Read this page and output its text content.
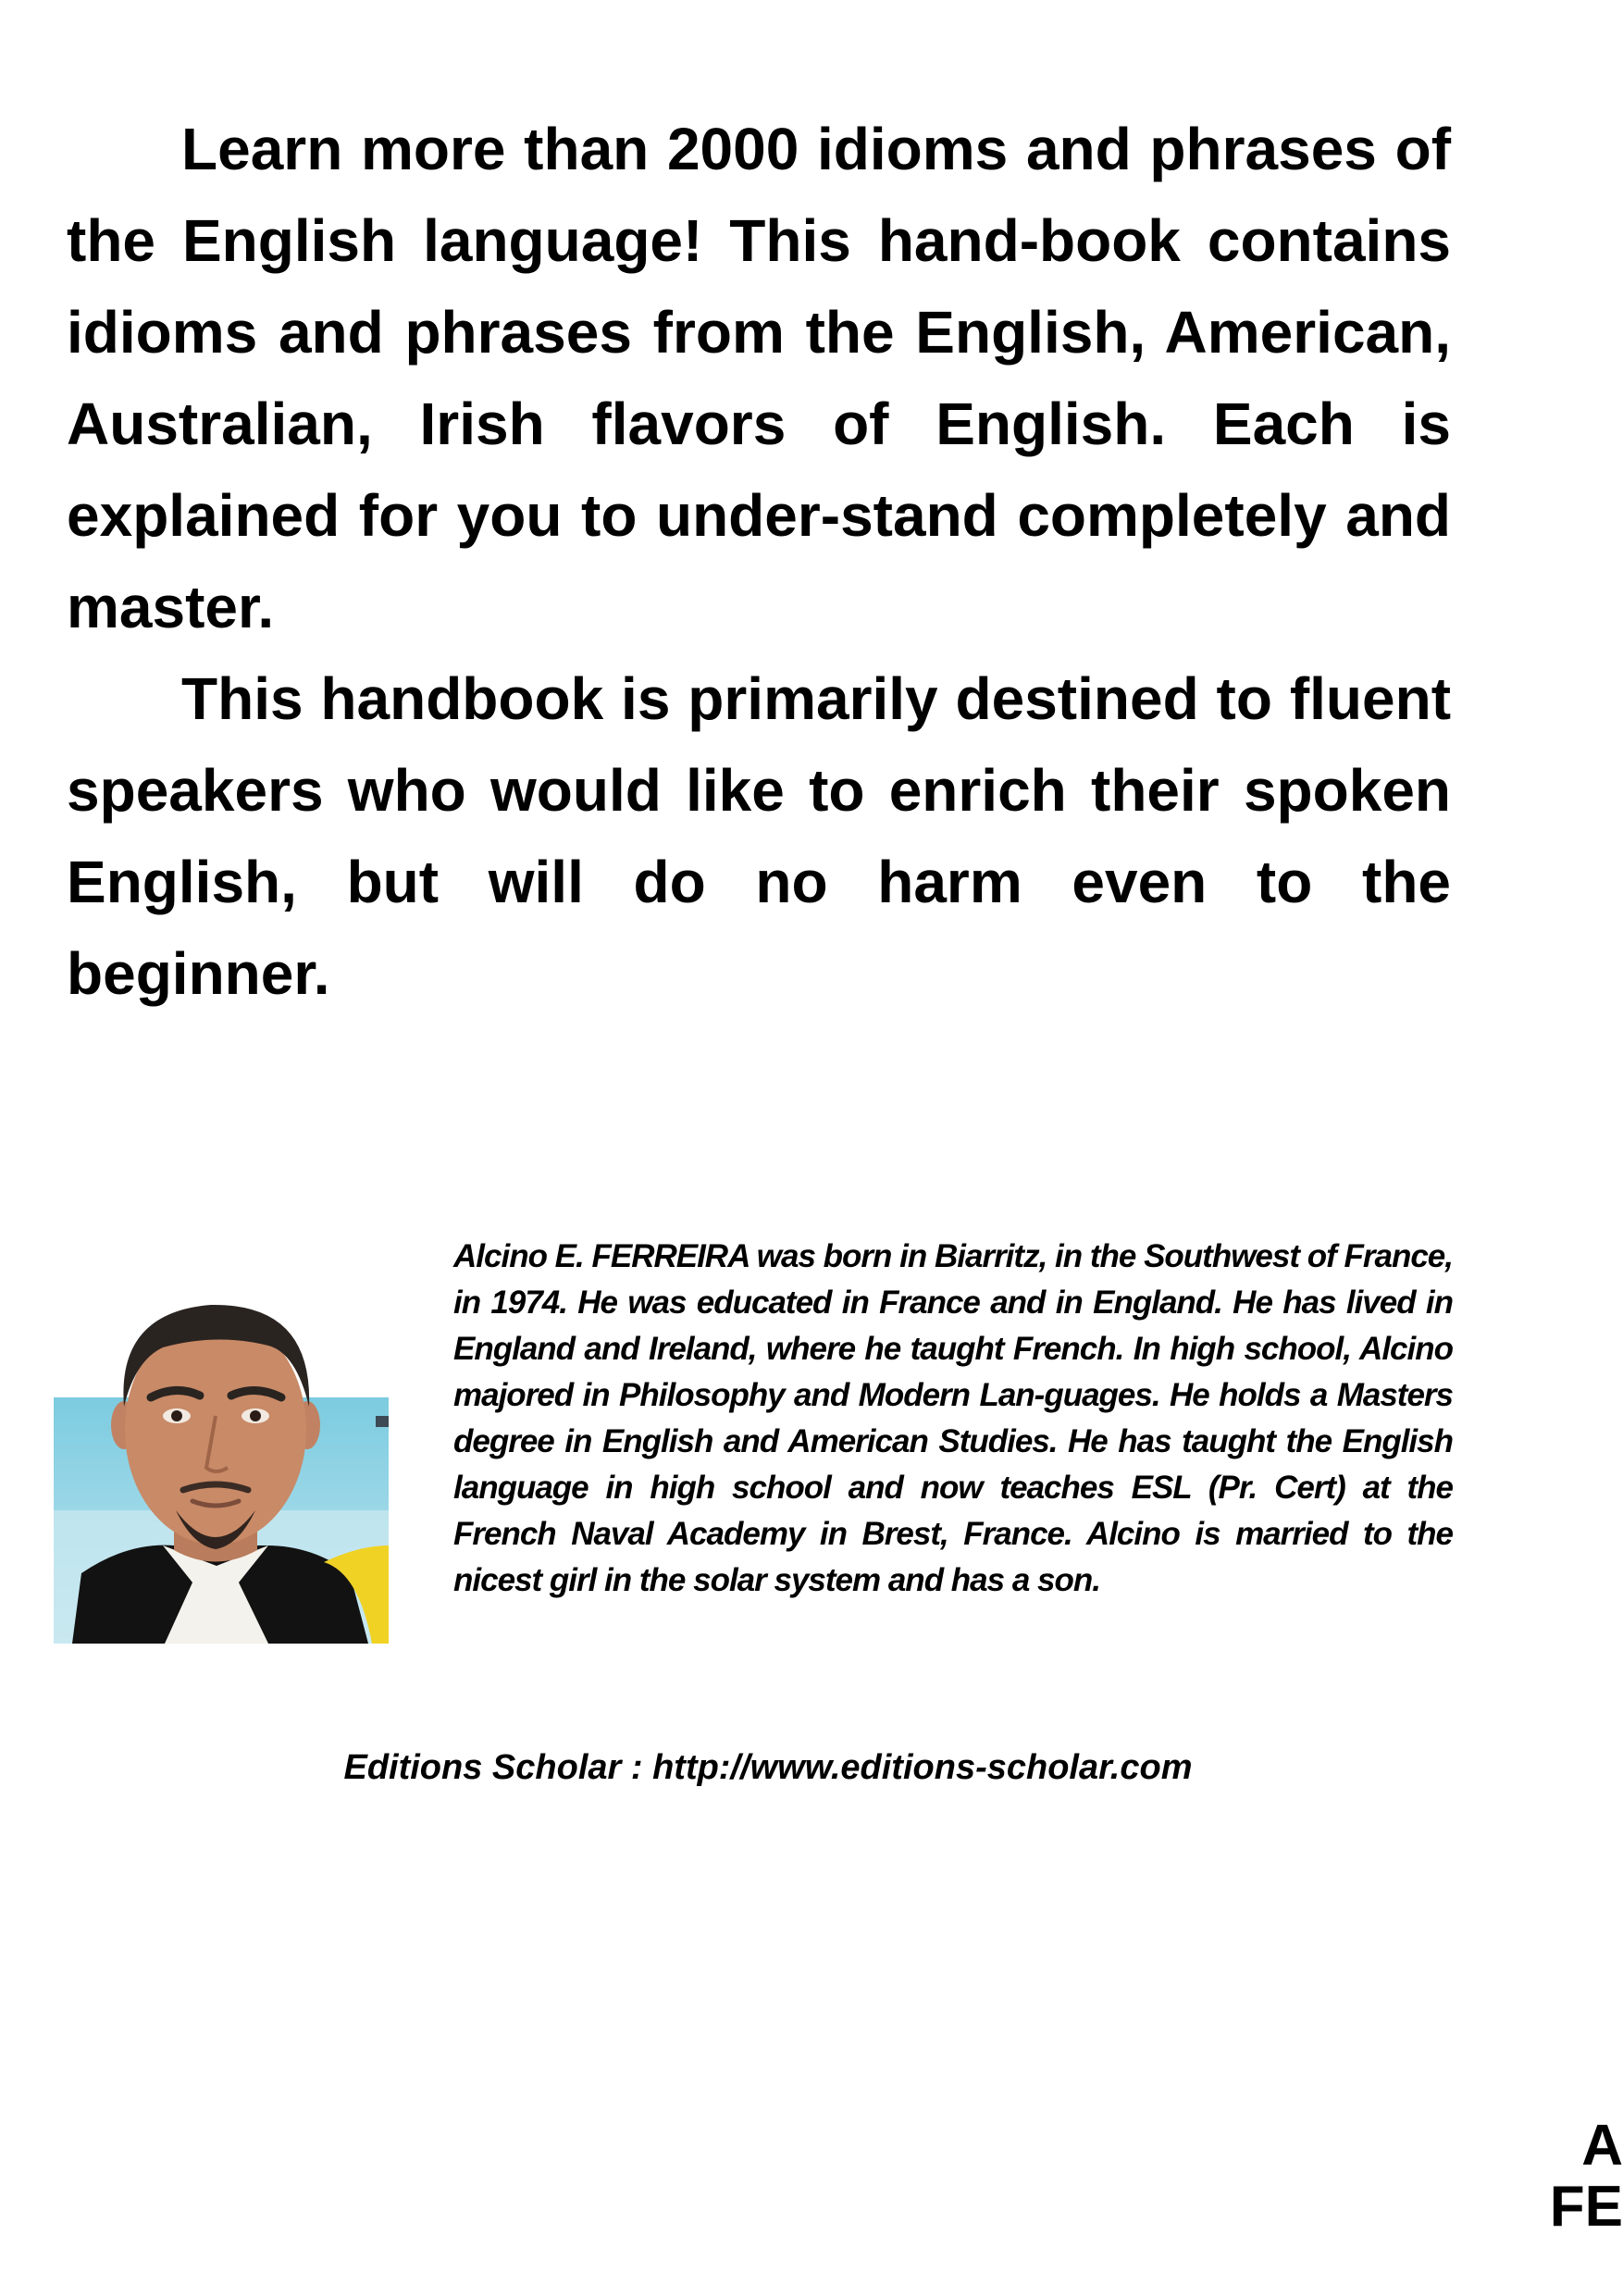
Learn more than 2000 idioms and phrases of the English language! This hand-book contains idioms and phrases from the English, American, Australian, Irish flavors of English. Each is explained for you to under-stand completely and master.

This handbook is primarily destined to fluent speakers who would like to enrich their spoken English, but will do no harm even to the beginner.

Alcino E. FERREIRA was born in Biarritz, in the Southwest of France, in 1974. He was educated in France and in England. He has lived in England and Ireland, where he taught French. In high school, Alcino majored in Philosophy and Modern Lan-guages. He holds a Masters degree in English and American Studies. He has taught the English language in high school and now teaches ESL (Pr. Cert) at the French Naval Academy in Brest, France. Alcino is married to the nicest girl in the solar system and has a son.

Editions Scholar : http://www.editions-scholar.com
A
FE
